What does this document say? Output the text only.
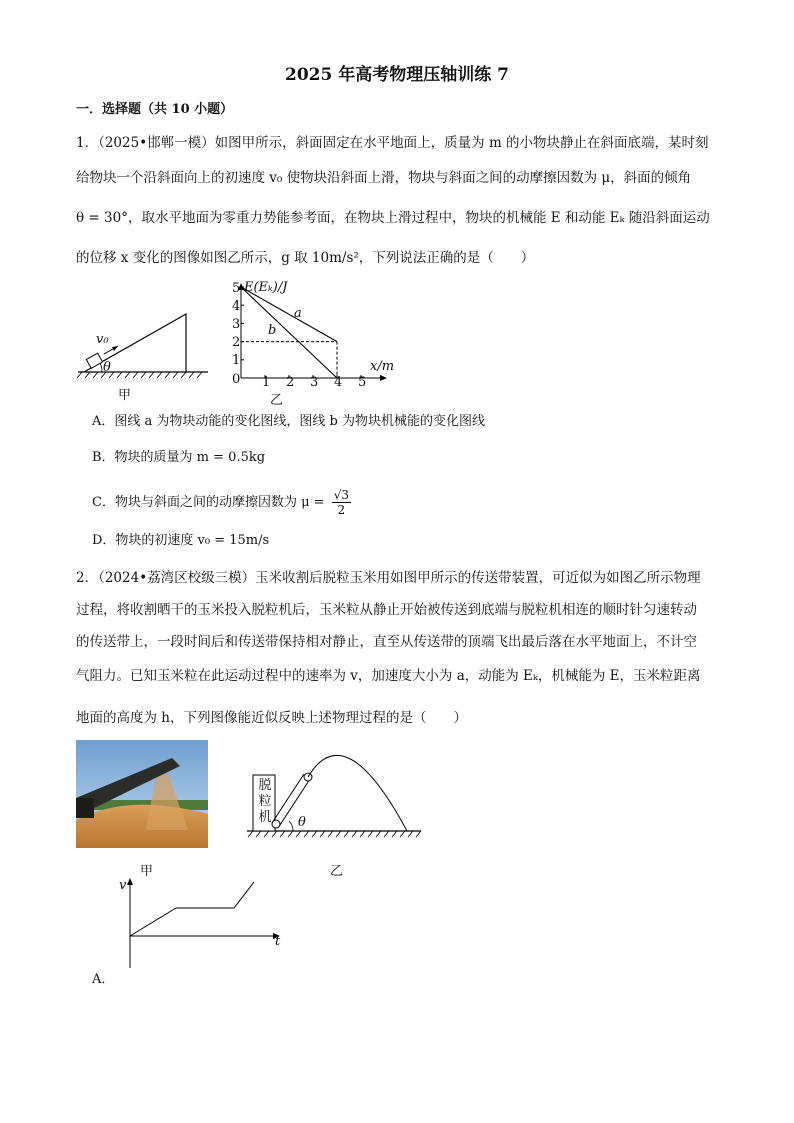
2025 年高考物理压轴训练 7
一．选择题（共 10 小题）
1．（2025•邯郸一模）如图甲所示，斜面固定在水平地面上，质量为 m 的小物块静止在斜面底端，某时刻
给物块一个沿斜面向上的初速度 v₀ 使物块沿斜面上滑，物块与斜面之间的动摩擦因数为 μ，斜面的倾角
θ = 30°，取水平地面为零重力势能参考面，在物块上滑过程中，物块的机械能 E 和动能 Eₖ 随沿斜面运动
的位移 x 变化的图像如图乙所示，g 取 10m/s²，下列说法正确的是（　　）
v₀
θ
甲
E(Eₖ)/J
x/m
a
b
0
1
2
3
4
5
1 2 3 4 5
乙
A．图线 a 为物块动能的变化图线，图线 b 为物块机械能的变化图线
B．物块的质量为 m = 0.5kg
C．物块与斜面之间的动摩擦因数为 $\mu = \frac{√3}{2}$
D．物块的初速度 v₀ = 15m/s
2．（2024•荔湾区校级三模）玉米收割后脱粒玉米用如图甲所示的传送带装置，可近似为如图乙所示物理
过程，将收割晒干的玉米投入脱粒机后，玉米粒从静止开始被传送到底端与脱粒机相连的顺时针匀速转动
的传送带上，一段时间后和传送带保持相对静止，直至从传送带的顶端飞出最后落在水平地面上，不计空
气阻力。已知玉米粒在此运动过程中的速率为 v，加速度大小为 a，动能为 Eₖ，机械能为 E，玉米粒距离
地面的高度为 h，下列图像能近似反映上述物理过程的是（　　）
甲
脱
粒
机 θ
乙
v
t
A．
